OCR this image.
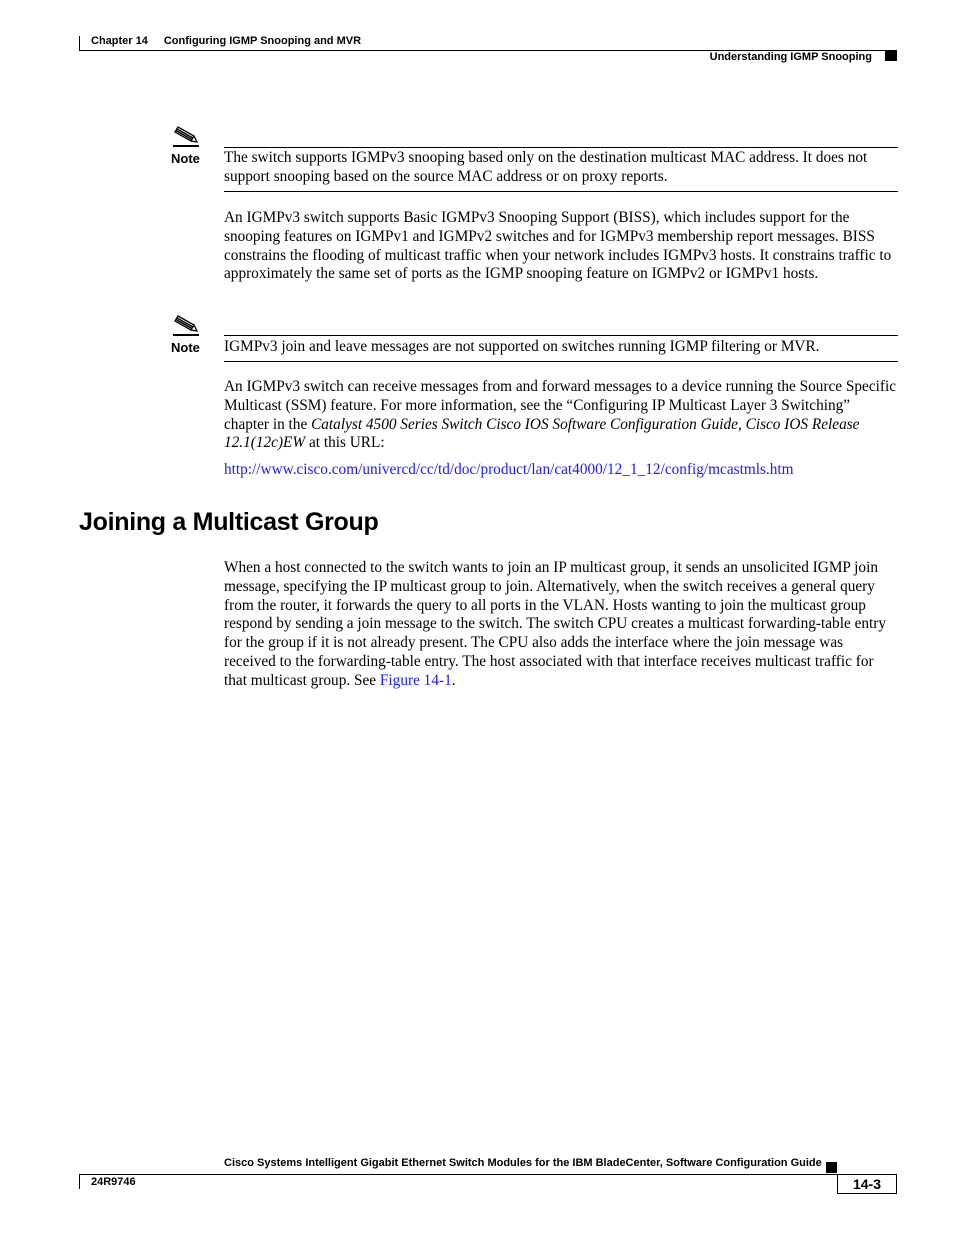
Chapter 14 Configuring IGMP Snooping and MVR
Understanding IGMP Snooping
Note The switch supports IGMPv3 snooping based only on the destination multicast MAC address. It does not support snooping based on the source MAC address or on proxy reports.
An IGMPv3 switch supports Basic IGMPv3 Snooping Support (BISS), which includes support for the snooping features on IGMPv1 and IGMPv2 switches and for IGMPv3 membership report messages. BISS constrains the flooding of multicast traffic when your network includes IGMPv3 hosts. It constrains traffic to approximately the same set of ports as the IGMP snooping feature on IGMPv2 or IGMPv1 hosts.
Note IGMPv3 join and leave messages are not supported on switches running IGMP filtering or MVR.
An IGMPv3 switch can receive messages from and forward messages to a device running the Source Specific Multicast (SSM) feature. For more information, see the “Configuring IP Multicast Layer 3 Switching” chapter in the Catalyst 4500 Series Switch Cisco IOS Software Configuration Guide, Cisco IOS Release 12.1(12c)EW at this URL:
http://www.cisco.com/univercd/cc/td/doc/product/lan/cat4000/12_1_12/config/mcastmls.htm
Joining a Multicast Group
When a host connected to the switch wants to join an IP multicast group, it sends an unsolicited IGMP join message, specifying the IP multicast group to join. Alternatively, when the switch receives a general query from the router, it forwards the query to all ports in the VLAN. Hosts wanting to join the multicast group respond by sending a join message to the switch. The switch CPU creates a multicast forwarding-table entry for the group if it is not already present. The CPU also adds the interface where the join message was received to the forwarding-table entry. The host associated with that interface receives multicast traffic for that multicast group. See Figure 14-1.
Cisco Systems Intelligent Gigabit Ethernet Switch Modules for the IBM BladeCenter, Software Configuration Guide
24R9746	14-3
